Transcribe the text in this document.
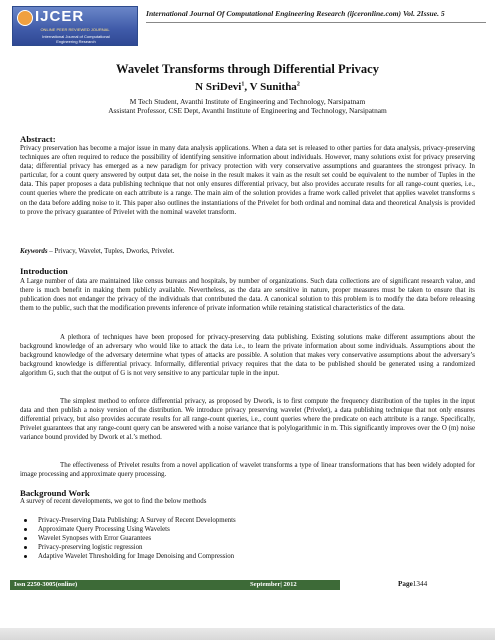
IJCER
ONLINE PEER REVIEWED JOURNAL
International Journal of Computational
Engineering Research
International Journal Of Computational Engineering Research (ijceronline.com) Vol. 2Issue. 5
Wavelet Transforms through Differential Privacy
N SriDevi$^1$, V Sunitha$^2$
M Tech Student, Avanthi Institute of Engineering and Technology, Narsipatnam
Assistant Professor, CSE Dept, Avanthi Institute of Engineering and Technology, Narsipatnam
Abstract:
Privacy preservation has become a major issue in many data analysis applications. When a data set is released to other parties for data analysis, privacy-preserving techniques are often required to reduce the possibility of identifying sensitive information about individuals. However, many solutions exist for privacy preserving data; differential privacy has emerged as a new paradigm for privacy protection with very conservative assumptions and guarantees the strongest privacy. In particular, for a count query answered by output data set, the noise in the result makes it vain as the result set could be equivalent to the number of Tuples in the data. This paper proposes a data publishing technique that not only ensures differential privacy, but also provides accurate results for all range-count queries, i.e., count queries where the predicate on each attribute is a range. The main aim of the solution provides a frame work called privelet that applies wavelet transforms s on the data before adding noise to it. This paper also outlines the instantiations of the Privelet for both ordinal and nominal data and theoretical Analysis is provided to prove the privacy guarantee of Privelet with the nominal wavelet transform.
Keywords – Privacy, Wavelet, Tuples, Dworks, Privelet.
Introduction
A Large number of data are maintained like census bureaus and hospitals, by number of organizations. Such data collections are of significant research value, and there is much benefit in making them publicly available. Nevertheless, as the data are sensitive in nature, proper measures must be taken to ensure that its publication does not endanger the privacy of the individuals that contributed the data. A canonical solution to this problem is to modify the data before releasing them to the public, such that the modification prevents inference of private information while retaining statistical characteristics of the data.
A plethora of techniques have been proposed for privacy-preserving data publishing. Existing solutions make different assumptions about the background knowledge of an adversary who would like to attack the data i.e., to learn the private information about some individuals. Assumptions about the background knowledge of the adversary determine what types of attacks are possible. A solution that makes very conservative assumptions about the adversary’s background knowledge is differential privacy. Informally, differential privacy requires that the data to be published should be generated using a randomized algorithm G, such that the output of G is not very sensitive to any particular tuple in the input.
The simplest method to enforce differential privacy, as proposed by Dwork, is to first compute the frequency distribution of the tuples in the input data and then publish a noisy version of the distribution. We introduce privacy preserving wavelet (Privelet), a data publishing technique that not only ensures differential privacy, but also provides accurate results for all range-count queries, i.e., count queries where the predicate on each attribute is a range. Specifically, Privelet guarantees that any range-count query can be answered with a noise variance that is polylogarithmic in m. This significantly improves over the O (m) noise variance bound provided by Dwork et al.’s method.
The effectiveness of Privelet results from a novel application of wavelet transforms a type of linear transformations that has been widely adopted for image processing and approximate query processing.
Background Work
A survey of recent developments, we got to find the below methods
Privacy-Preserving Data Publishing: A Survey of Recent Developments
Approximate Query Processing Using Wavelets
Wavelet Synopses with Error Guarantees
Privacy-preserving logistic regression
Adaptive Wavelet Thresholding for Image Denoising and Compression
Issn 2250-3005(online)	September| 2012	Page1344
